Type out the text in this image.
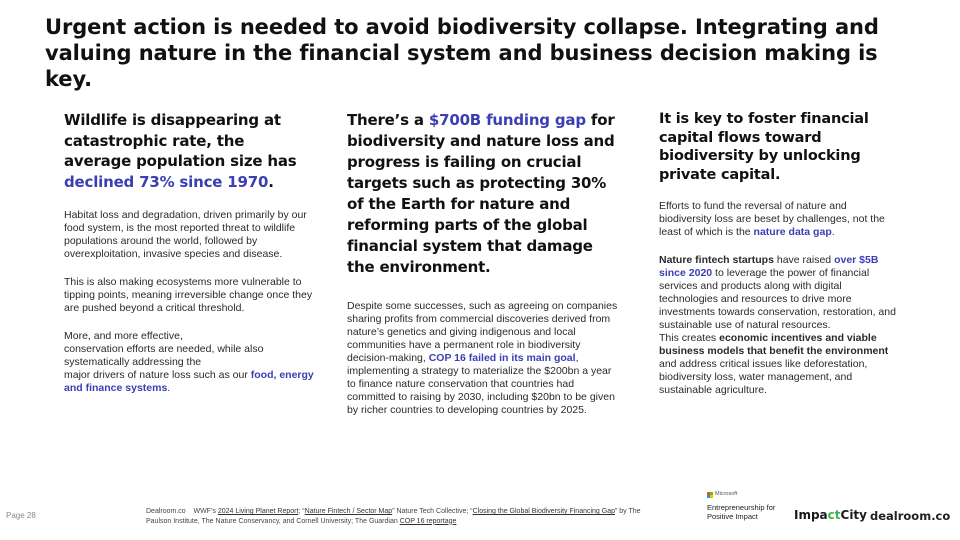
Urgent action is needed to avoid biodiversity collapse. Integrating and valuing nature in the financial system and business decision making is key.
Wildlife is disappearing at catastrophic rate, the average population size has declined 73% since 1970.

Habitat loss and degradation, driven primarily by our food system, is the most reported threat to wildlife populations around the world, followed by overexploitation, invasive species and disease.

This is also making ecosystems more vulnerable to tipping points, meaning irreversible change once they are pushed beyond a critical threshold.

More, and more effective,
conservation efforts are needed, while also systematically addressing the
major drivers of nature loss such as our food, energy and finance systems.

There’s a $700B funding gap for biodiversity and nature loss and progress is failing on crucial targets such as protecting 30% of the Earth for nature and reforming parts of the global financial system that damage the environment.

Despite some successes, such as agreeing on companies sharing profits from commercial discoveries derived from nature’s genetics and giving indigenous and local communities have a permanent role in biodiversity decision-making, COP 16 failed in its main goal, implementing a strategy to materialize the $200bn a year to finance nature conservation that countries had committed to raising by 2030, including $20bn to be given by richer countries to developing countries by 2025.

It is key to foster financial capital flows toward biodiversity by unlocking private capital.

Efforts to fund the reversal of nature and biodiversity loss are beset by challenges, not the least of which is the nature data gap.

Nature fintech startups have raised over $5B since 2020 to leverage the power of financial services and products along with digital technologies and resources to drive more investments towards conservation, restoration, and sustainable use of natural resources.

This creates economic incentives and viable business models that benefit the environment and address critical issues like deforestation, biodiversity loss, water management, and sustainable agriculture.

Page 28	Dealroom.co WWF’s 2024 Living Planet Report; “Nature Fintech / Sector Map” Nature Tech Collective; “Closing the Global Biodiversity Financing Gap” by The Paulson Institute, The Nature Conservancy, and Cornell University; The Guardian COP 16 reportage
Microsoft
Entrepreneurship for Positive Impact	ImpactCity dealroom.co
